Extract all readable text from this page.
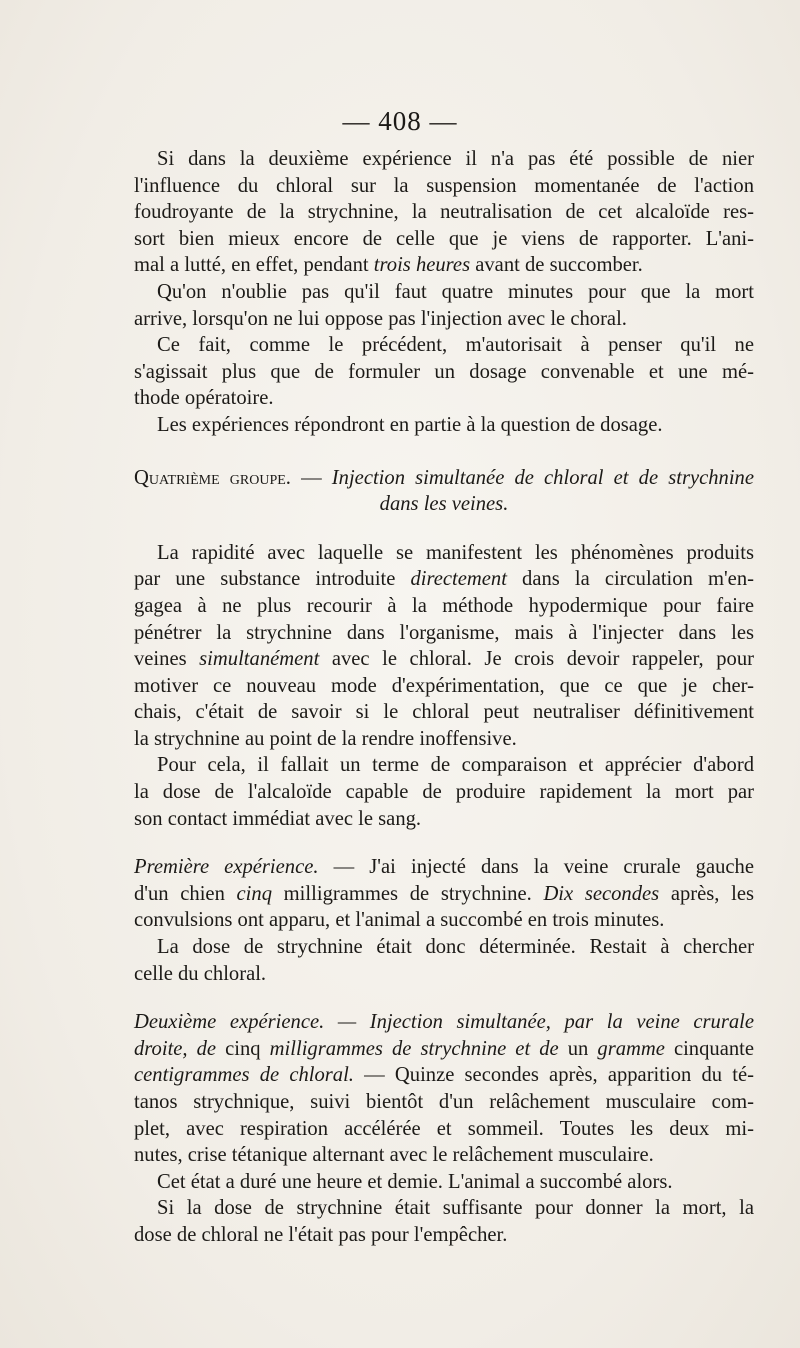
— 408 —
Si dans la deuxième expérience il n'a pas été possible de nier
l'influence du chloral sur la suspension momentanée de l'action
foudroyante de la strychnine, la neutralisation de cet alcaloïde res-
sort bien mieux encore de celle que je viens de rapporter. L'ani-
mal a lutté, en effet, pendant trois heures avant de succomber.
Qu'on n'oublie pas qu'il faut quatre minutes pour que la mort
arrive, lorsqu'on ne lui oppose pas l'injection avec le choral.
Ce fait, comme le précédent, m'autorisait à penser qu'il ne
s'agissait plus que de formuler un dosage convenable et une mé-
thode opératoire.
Les expériences répondront en partie à la question de dosage.
Quatrième groupe. — Injection simultanée de chloral et de strychnine
dans les veines.
La rapidité avec laquelle se manifestent les phénomènes produits
par une substance introduite directement dans la circulation m'en-
gagea à ne plus recourir à la méthode hypodermique pour faire
pénétrer la strychnine dans l'organisme, mais à l'injecter dans les
veines simultanément avec le chloral. Je crois devoir rappeler, pour
motiver ce nouveau mode d'expérimentation, que ce que je cher-
chais, c'était de savoir si le chloral peut neutraliser définitivement
la strychnine au point de la rendre inoffensive.
Pour cela, il fallait un terme de comparaison et apprécier d'abord
la dose de l'alcaloïde capable de produire rapidement la mort par
son contact immédiat avec le sang.
Première expérience. — J'ai injecté dans la veine crurale gauche
d'un chien cinq milligrammes de strychnine. Dix secondes après, les
convulsions ont apparu, et l'animal a succombé en trois minutes.
La dose de strychnine était donc déterminée. Restait à chercher
celle du chloral.
Deuxième expérience. — Injection simultanée, par la veine crurale
droite, de cinq milligrammes de strychnine et de un gramme cinquante
centigrammes de chloral. — Quinze secondes après, apparition du té-
tanos strychnique, suivi bientôt d'un relâchement musculaire com-
plet, avec respiration accélérée et sommeil. Toutes les deux mi-
nutes, crise tétanique alternant avec le relâchement musculaire.
Cet état a duré une heure et demie. L'animal a succombé alors.
Si la dose de strychnine était suffisante pour donner la mort, la
dose de chloral ne l'était pas pour l'empêcher.
